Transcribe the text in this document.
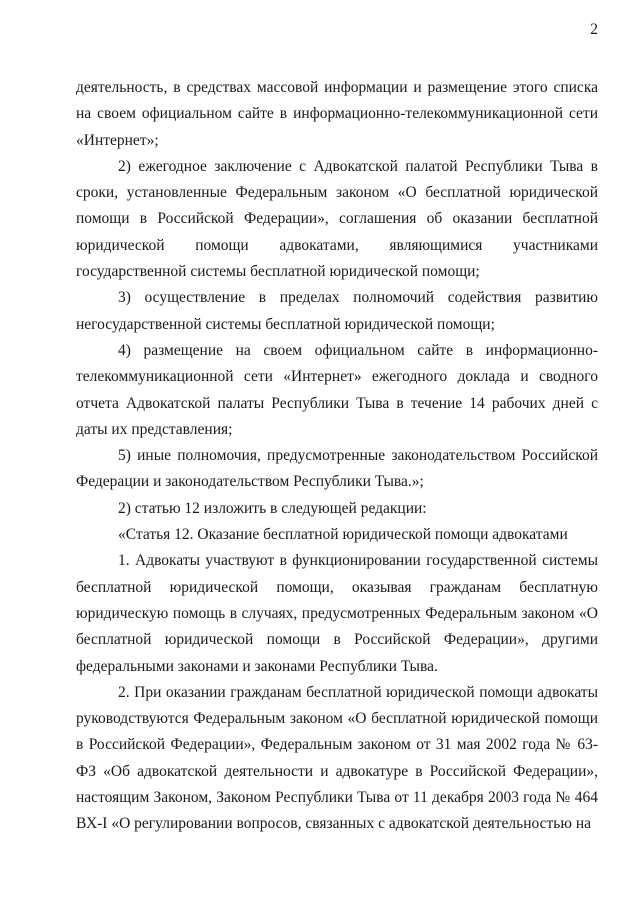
2

деятельность, в средствах массовой информации и размещение этого списка на своем официальном сайте в информационно-телекоммуникационной сети «Интернет»;

2) ежегодное заключение с Адвокатской палатой Республики Тыва в сроки, установленные Федеральным законом «О бесплатной юридической помощи в Российской Федерации», соглашения об оказании бесплатной юридической помощи адвокатами, являющимися участниками государственной системы бесплатной юридической помощи;

3) осуществление в пределах полномочий содействия развитию негосударственной системы бесплатной юридической помощи;

4) размещение на своем официальном сайте в информационно-телекоммуникационной сети «Интернет» ежегодного доклада и сводного отчета Адвокатской палаты Республики Тыва в течение 14 рабочих дней с даты их представления;

5) иные полномочия, предусмотренные законодательством Российской Федерации и законодательством Республики Тыва.»;

2) статью 12 изложить в следующей редакции:

«Статья 12. Оказание бесплатной юридической помощи адвокатами

1. Адвокаты участвуют в функционировании государственной системы бесплатной юридической помощи, оказывая гражданам бесплатную юридическую помощь в случаях, предусмотренных Федеральным законом «О бесплатной юридической помощи в Российской Федерации», другими федеральными законами и законами Республики Тыва.

2. При оказании гражданам бесплатной юридической помощи адвокаты руководствуются Федеральным законом «О бесплатной юридической помощи в Российской Федерации», Федеральным законом от 31 мая 2002 года № 63-ФЗ «Об адвокатской деятельности и адвокатуре в Российской Федерации», настоящим Законом, Законом Республики Тыва от 11 декабря 2003 года № 464 ВХ-I «О регулировании вопросов, связанных с адвокатской деятельностью на
